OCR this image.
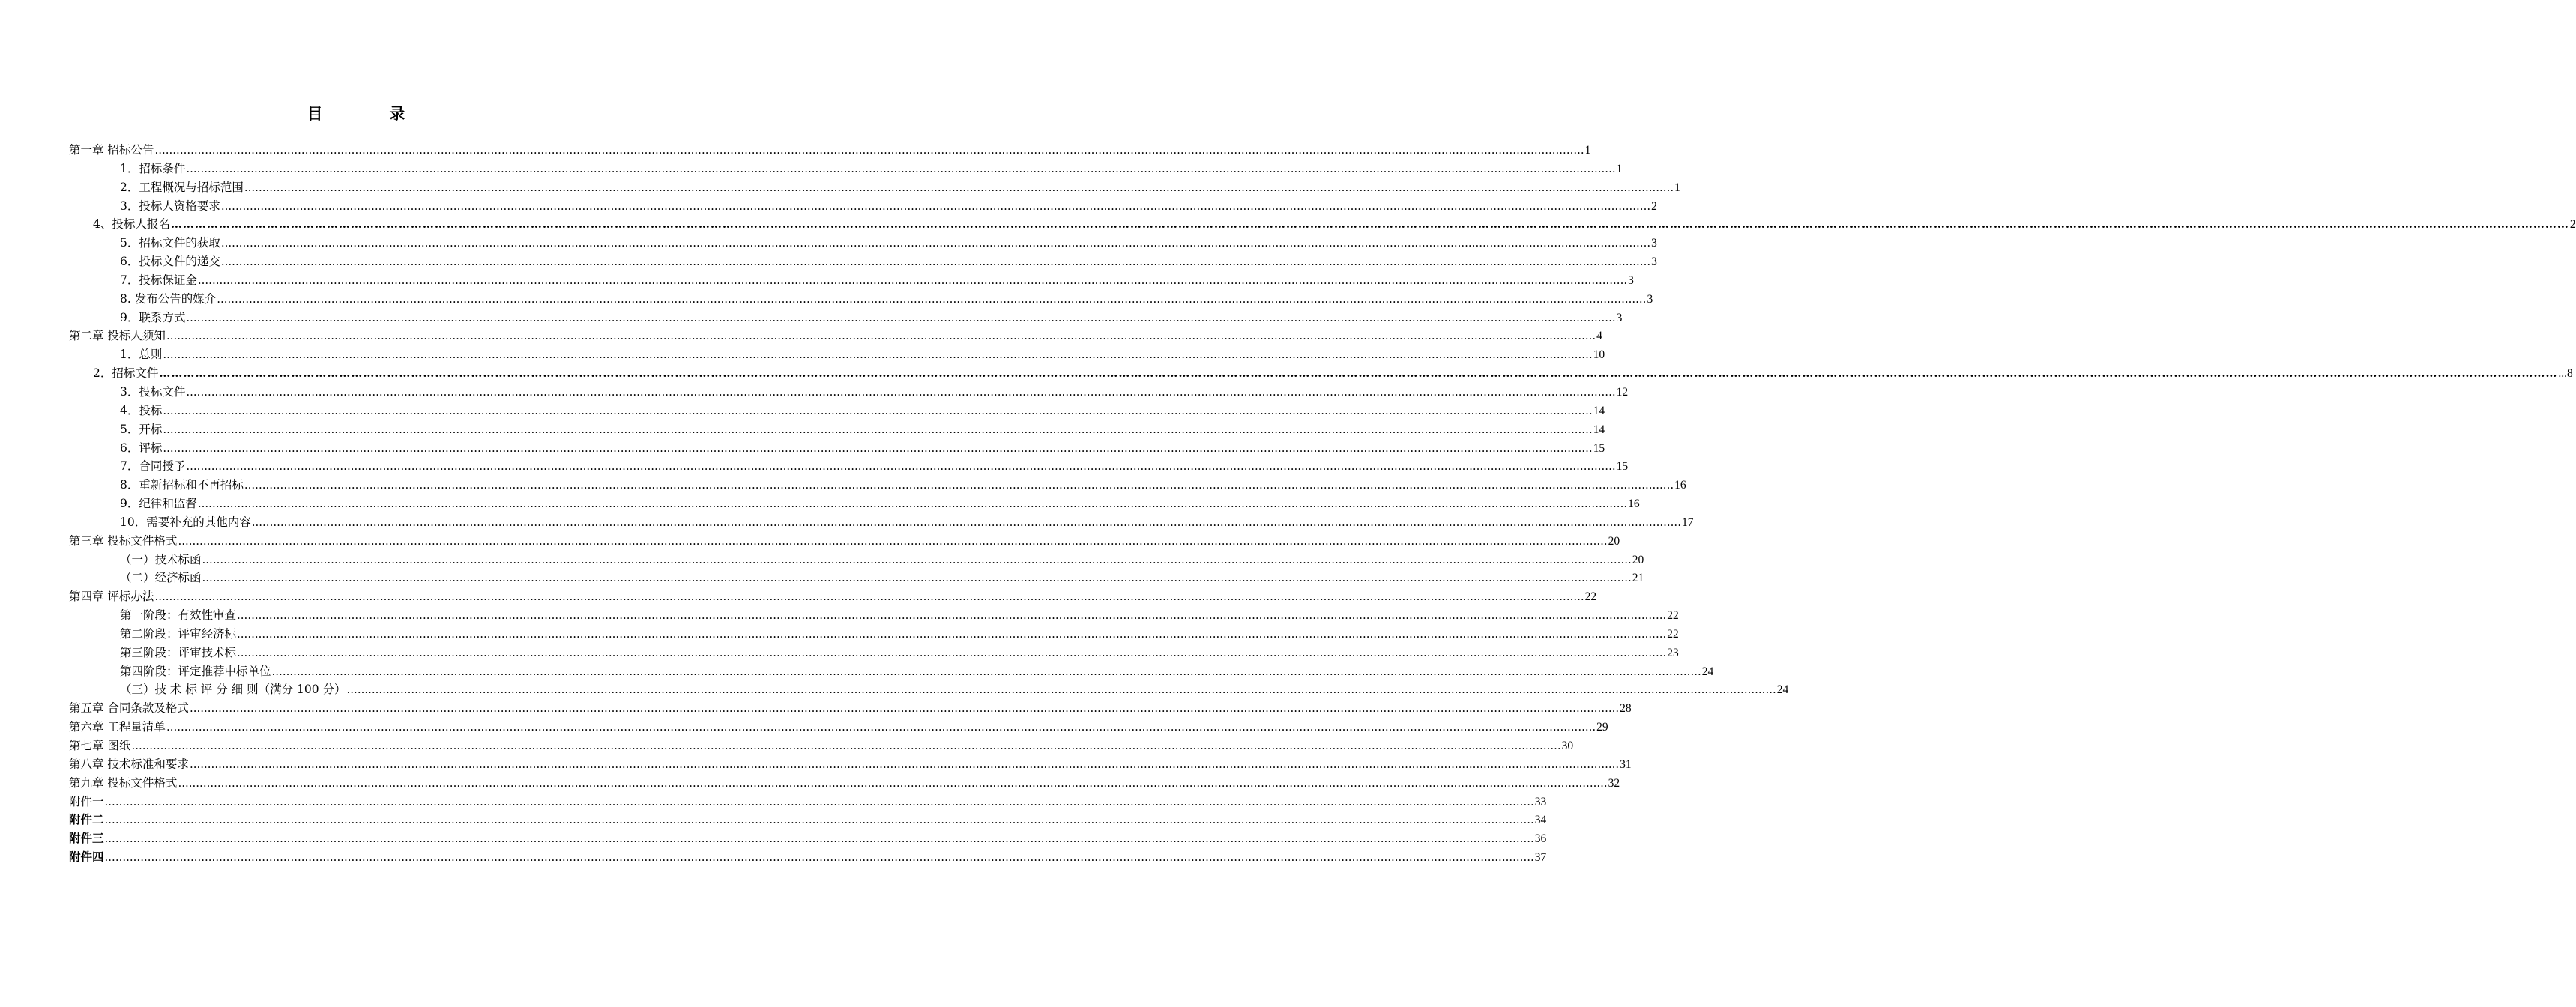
目　录
第一章 招标公告 ................................................................................................................................................................................................................................................................................................................................................................................................................ 1
1．招标条件 ................................................................................................................................................................................................................................................................................................................................................................................................................ 1
2．工程概况与招标范围 ................................................................................................................................................................................................................................................................................................................................................................................................................ 1
3．投标人资格要求 ................................................................................................................................................................................................................................................................................................................................................................................................................ 2
4、投标人报名 …………………………………………………………………………………………………………………………………………………………………………………………………………………………………………………………………………………………………………………………………………………………………………………………………………………………………………………………………………………………………………………………………………………… 2
5．招标文件的获取 ................................................................................................................................................................................................................................................................................................................................................................................................................ 3
6．投标文件的递交 ................................................................................................................................................................................................................................................................................................................................................................................................................ 3
7．投标保证金 ................................................................................................................................................................................................................................................................................................................................................................................................................ 3
8. 发布公告的媒介 ................................................................................................................................................................................................................................................................................................................................................................................................................ 3
9．联系方式 ................................................................................................................................................................................................................................................................................................................................................................................................................ 3
第二章 投标人须知 ................................................................................................................................................................................................................................................................................................................................................................................................................ 4
1．总则 ................................................................................................................................................................................................................................................................................................................................................................................................................ 10
2．招标文件 …………………………………………………………………………………………………………………………………………………………………………………………………………………………………………………………………………………………………………………………………………………………………………………………………………………………………………………………………………………………………………………………………………………… ...8
3．投标文件 ................................................................................................................................................................................................................................................................................................................................................................................................................ 12
4．投标 ................................................................................................................................................................................................................................................................................................................................................................................................................ 14
5．开标 ................................................................................................................................................................................................................................................................................................................................................................................................................ 14
6．评标 ................................................................................................................................................................................................................................................................................................................................................................................................................ 15
7．合同授予 ................................................................................................................................................................................................................................................................................................................................................................................................................ 15
8．重新招标和不再招标 ................................................................................................................................................................................................................................................................................................................................................................................................................ 16
9．纪律和监督 ................................................................................................................................................................................................................................................................................................................................................................................................................ 16
10．需要补充的其他内容 ................................................................................................................................................................................................................................................................................................................................................................................................................ 17
第三章 投标文件格式 ................................................................................................................................................................................................................................................................................................................................................................................................................ 20
（一）技术标函 ................................................................................................................................................................................................................................................................................................................................................................................................................ 20
（二）经济标函 ................................................................................................................................................................................................................................................................................................................................................................................................................ 21
第四章 评标办法 ................................................................................................................................................................................................................................................................................................................................................................................................................ 22
第一阶段：有效性审查 ................................................................................................................................................................................................................................................................................................................................................................................................................ 22
第二阶段：评审经济标 ................................................................................................................................................................................................................................................................................................................................................................................................................ 22
第三阶段：评审技术标 ................................................................................................................................................................................................................................................................................................................................................................................................................ 23
第四阶段：评定推荐中标单位 ................................................................................................................................................................................................................................................................................................................................................................................................................ 24
（三）技 术 标 评 分 细 则（满分 100 分） ................................................................................................................................................................................................................................................................................................................................................................................................................ 24
第五章 合同条款及格式 ................................................................................................................................................................................................................................................................................................................................................................................................................ 28
第六章 工程量清单 ................................................................................................................................................................................................................................................................................................................................................................................................................ 29
第七章 图纸 ................................................................................................................................................................................................................................................................................................................................................................................................................ 30
第八章 技术标准和要求 ................................................................................................................................................................................................................................................................................................................................................................................................................ 31
第九章 投标文件格式 ................................................................................................................................................................................................................................................................................................................................................................................................................ 32
附件一 ................................................................................................................................................................................................................................................................................................................................................................................................................ 33
附件二 ................................................................................................................................................................................................................................................................................................................................................................................................................ 34
附件三 ................................................................................................................................................................................................................................................................................................................................................................................................................ 36
附件四 ................................................................................................................................................................................................................................................................................................................................................................................................................ 37
